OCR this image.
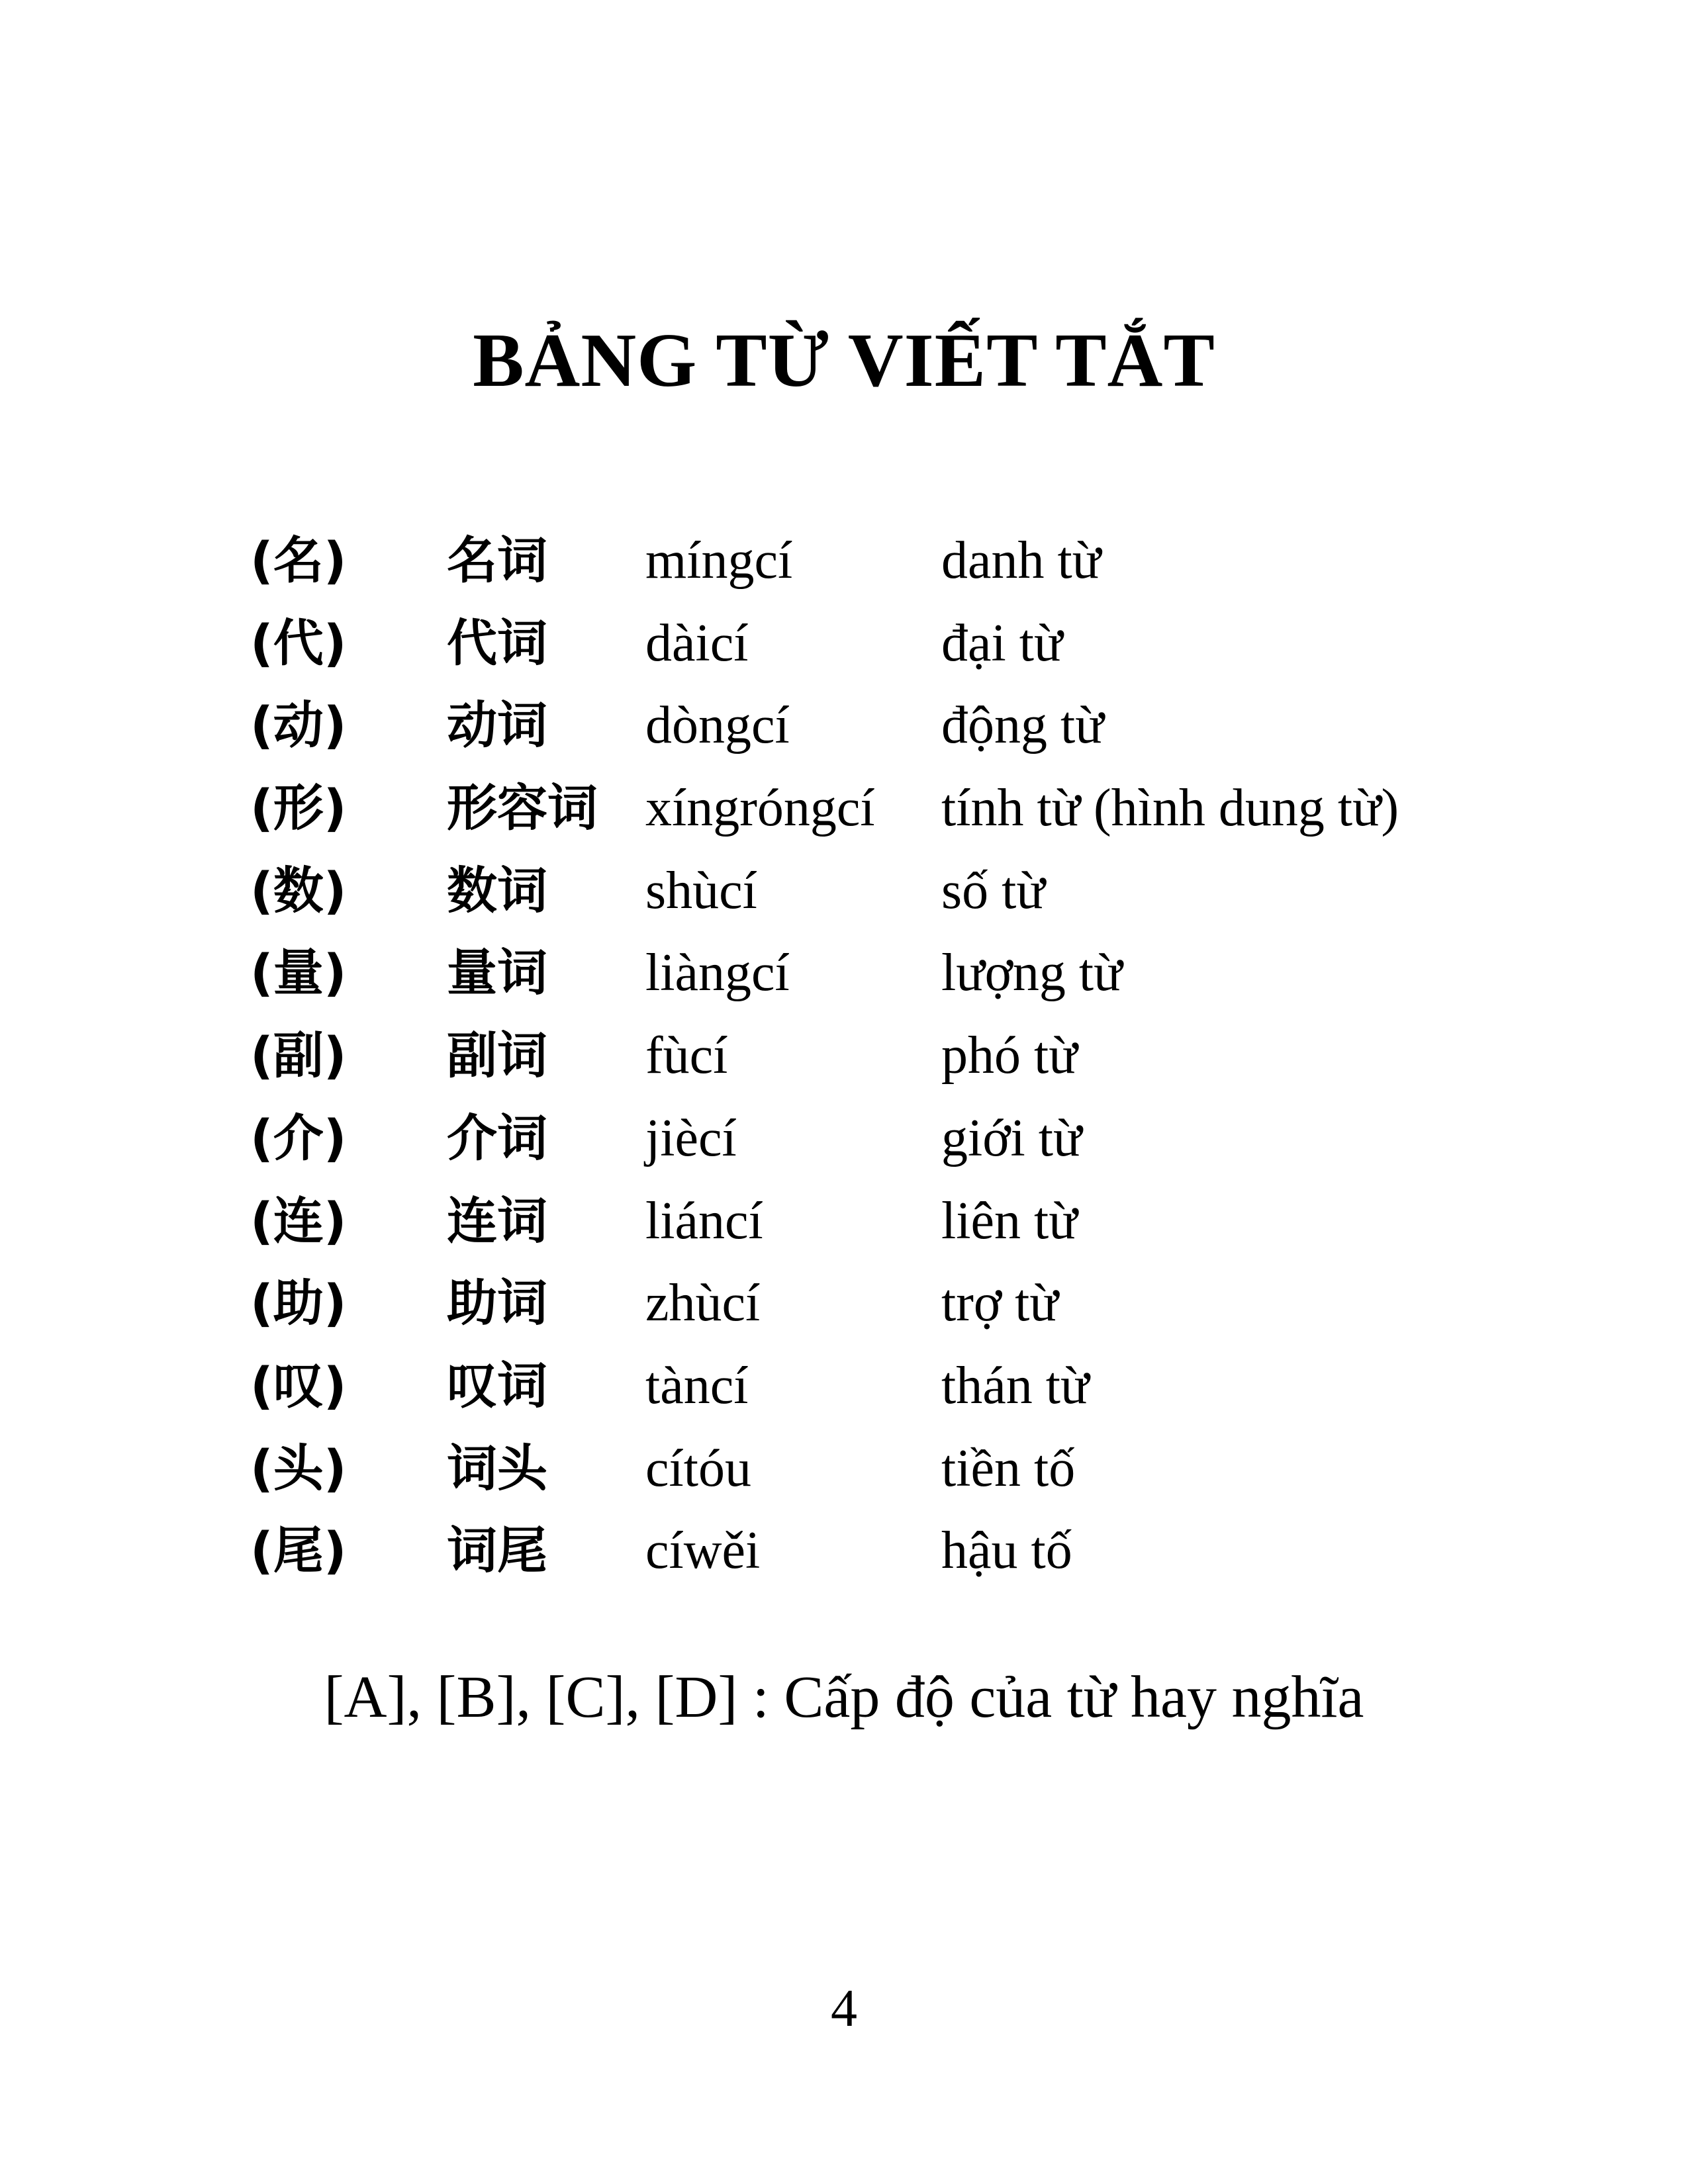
BẢNG TỪ VIẾT TẮT
(名) 名词 míngcí	danh từ
(代) 代词 dàicí	đại từ
(动) 动词 dòngcí	động từ
(形) 形容词 xíngróngcí tính từ (hình dung từ)
(数) 数词 shùcí	số từ
(量) 量词 liàngcí	lượng từ
(副) 副词 fùcí	phó từ
(介) 介词 jiècí	giới từ
(连) 连词 liáncí	liên từ
(助) 助词 zhùcí	trợ từ
(叹) 叹词 tàncí	thán từ
(头) 词头 cítóu	tiền tố
(尾) 词尾 cíwěi	hậu tố
[A], [B], [C], [D] : Cấp độ của từ hay nghĩa
4
